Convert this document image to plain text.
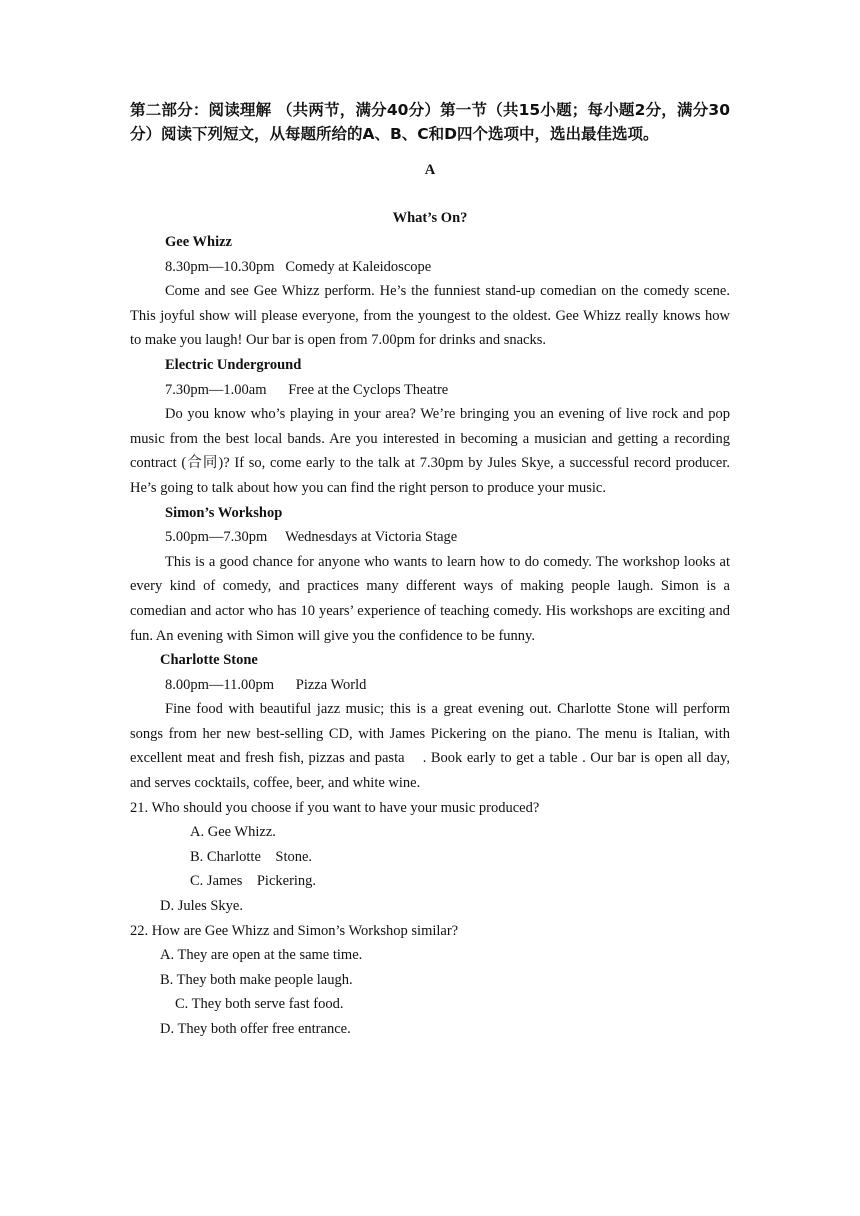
第二部分：阅读理解 （共两节，满分40分）第一节（共15小题；每小题2分，满分30分）阅读下列短文，从每题所给的A、B、C和D四个选项中，选出最佳选项。

A

What’s On?

Gee Whizz

8.30pm—10.30pm   Comedy at Kaleidoscope

Come and see Gee Whizz perform. He’s the funniest stand-up comedian on the comedy scene. This joyful show will please everyone, from the youngest to the oldest. Gee Whizz really knows how to make you laugh! Our bar is open from 7.00pm for drinks and snacks.

Electric Underground

7.30pm—1.00am      Free at the Cyclops Theatre

Do you know who’s playing in your area? We’re bringing you an evening of live rock and pop music from the best local bands. Are you interested in becoming a musician and getting a recording contract (合同)? If so, come early to the talk at 7.30pm by Jules Skye, a successful record producer. He’s going to talk about how you can find the right person to produce your music.

Simon’s Workshop

5.00pm—7.30pm     Wednesdays at Victoria Stage

This is a good chance for anyone who wants to learn how to do comedy. The workshop looks at every kind of comedy, and practices many different ways of making people laugh. Simon is a comedian and actor who has 10 years’ experience of teaching comedy. His workshops are exciting and fun. An evening with Simon will give you the confidence to be funny.

Charlotte Stone

8.00pm—11.00pm      Pizza World

Fine food with beautiful jazz music; this is a great evening out. Charlotte Stone will perform songs from her new best-selling CD, with James Pickering on the piano. The menu is Italian, with excellent meat and fresh fish, pizzas and pasta    . Book early to get a table . Our bar is open all day, and serves cocktails, coffee, beer, and white wine.

21. Who should you choose if you want to have your music produced?

A. Gee Whizz.

B. Charlotte    Stone.

C. James    Pickering.

D. Jules Skye.

22. How are Gee Whizz and Simon’s Workshop similar?

A. They are open at the same time.

B. They both make people laugh.

C. They both serve fast food.

D. They both offer free entrance.
